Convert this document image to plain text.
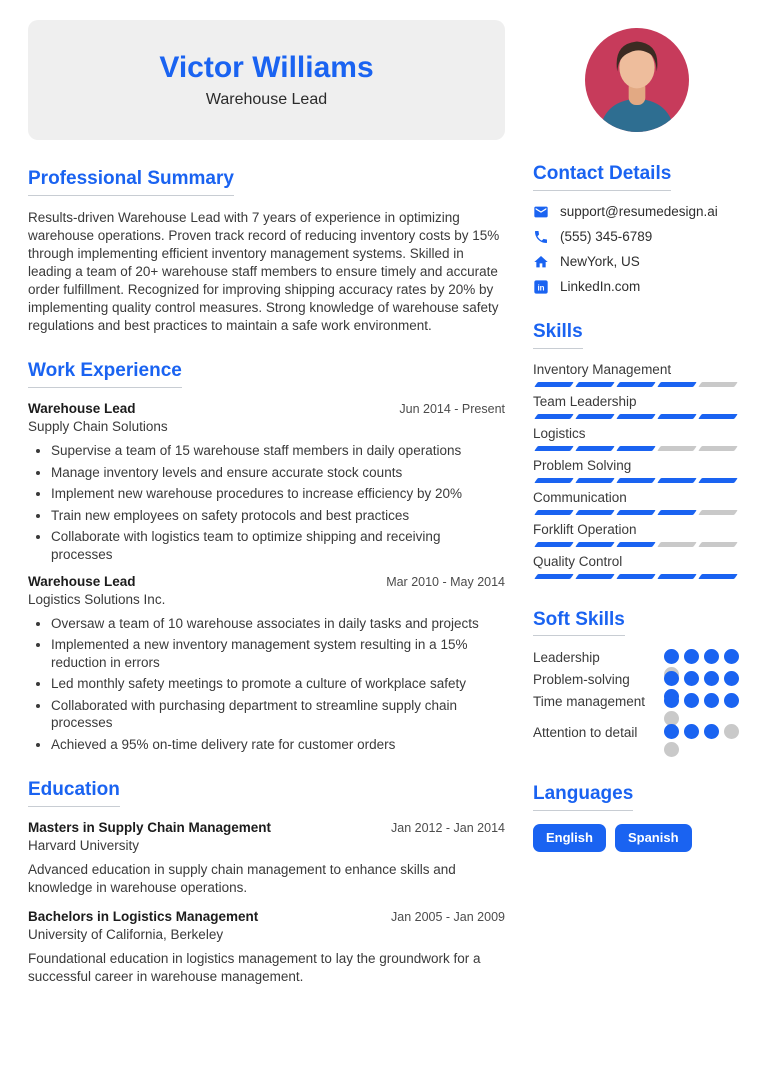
Victor Williams
Warehouse Lead
Professional Summary

Results-driven Warehouse Lead with 7 years of experience in optimizing warehouse operations. Proven track record of reducing inventory costs by 15% through implementing efficient inventory management systems. Skilled in leading a team of 20+ warehouse staff members to ensure timely and accurate order fulfillment. Recognized for improving shipping accuracy rates by 20% by implementing quality control measures. Strong knowledge of warehouse safety regulations and best practices to maintain a safe work environment.

Work Experience
Warehouse Lead	Jun 2014 - Present
Supply Chain Solutions
• Supervise a team of 15 warehouse staff members in daily operations
• Manage inventory levels and ensure accurate stock counts
• Implement new warehouse procedures to increase efficiency by 20%
• Train new employees on safety protocols and best practices
• Collaborate with logistics team to optimize shipping and receiving processes
Warehouse Lead	Mar 2010 - May 2014
Logistics Solutions Inc.
• Oversaw a team of 10 warehouse associates in daily tasks and projects
• Implemented a new inventory management system resulting in a 15% reduction in errors
• Led monthly safety meetings to promote a culture of workplace safety
• Collaborated with purchasing department to streamline supply chain processes
• Achieved a 95% on-time delivery rate for customer orders
Education
Masters in Supply Chain Management	Jan 2012 - Jan 2014
Harvard University

Advanced education in supply chain management to enhance skills and knowledge in warehouse operations.

Bachelors in Logistics Management	Jan 2005 - Jan 2009
University of California, Berkeley

Foundational education in logistics management to lay the groundwork for a successful career in warehouse management.

Contact Details
support@resumedesign.ai
(555) 345-6789
NewYork, US
in LinkedIn.com
Skills
Inventory Management
Team Leadership
Logistics
Problem Solving
Communication
Forklift Operation
Quality Control
Soft Skills
Leadership
Problem-solving
Time management
Attention to detail
Languages
English	Spanish
